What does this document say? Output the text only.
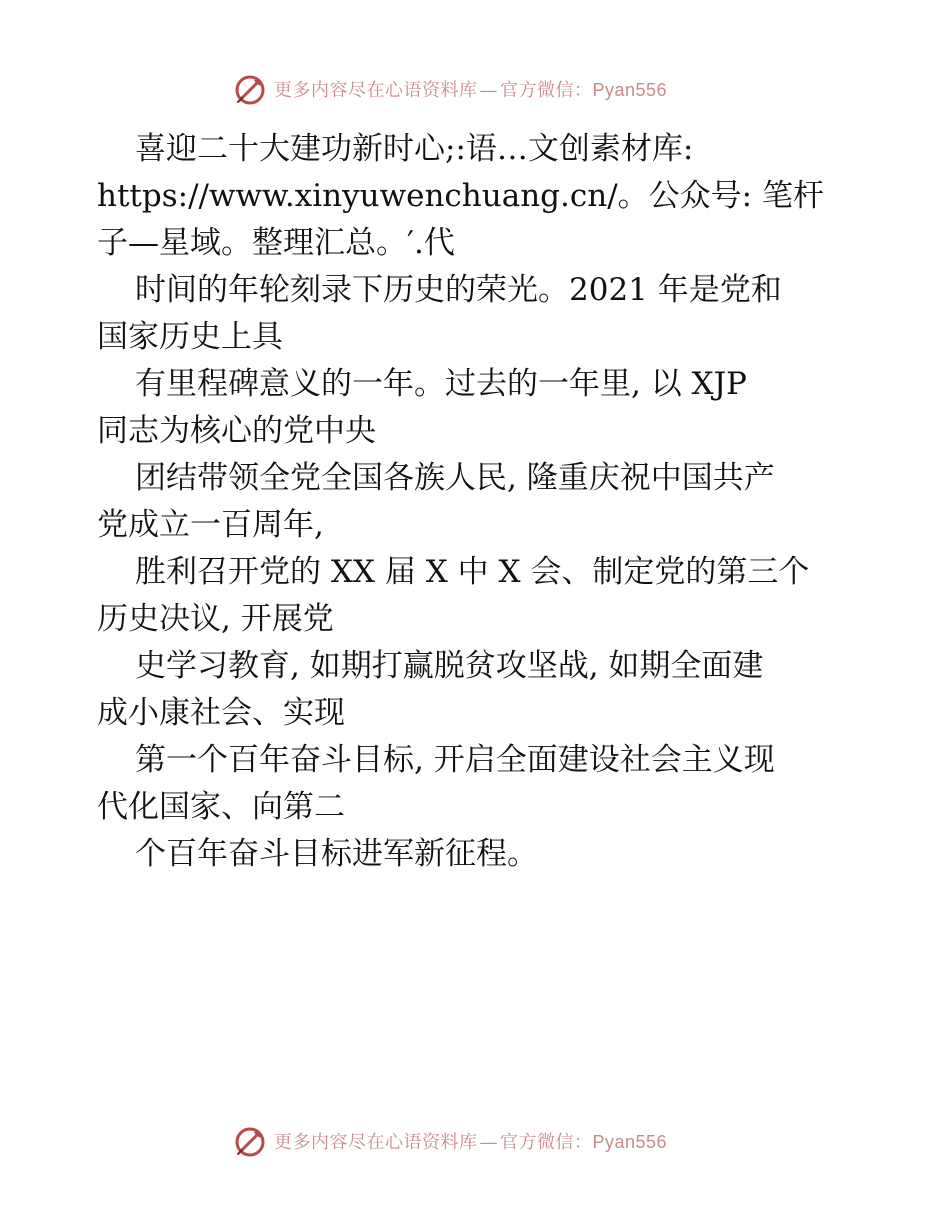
更多内容尽在心语资料库 — 官方微信：Pyan556

喜迎二十大建功新时心;:语…文创素材库:

https://www.xinyuwenchuang.cn/。公众号: 笔杆

子—星域。整理汇总。′.代

时间的年轮刻录下历史的荣光。2021 年是党和

国家历史上具

有里程碑意义的一年。过去的一年里, 以 XJP

同志为核心的党中央

团结带领全党全国各族人民, 隆重庆祝中国共产

党成立一百周年,

胜利召开党的 XX 届 X 中 X 会、制定党的第三个

历史决议, 开展党

史学习教育, 如期打赢脱贫攻坚战, 如期全面建

成小康社会、实现

第一个百年奋斗目标, 开启全面建设社会主义现

代化国家、向第二

个百年奋斗目标进军新征程。

更多内容尽在心语资料库 — 官方微信：Pyan556
